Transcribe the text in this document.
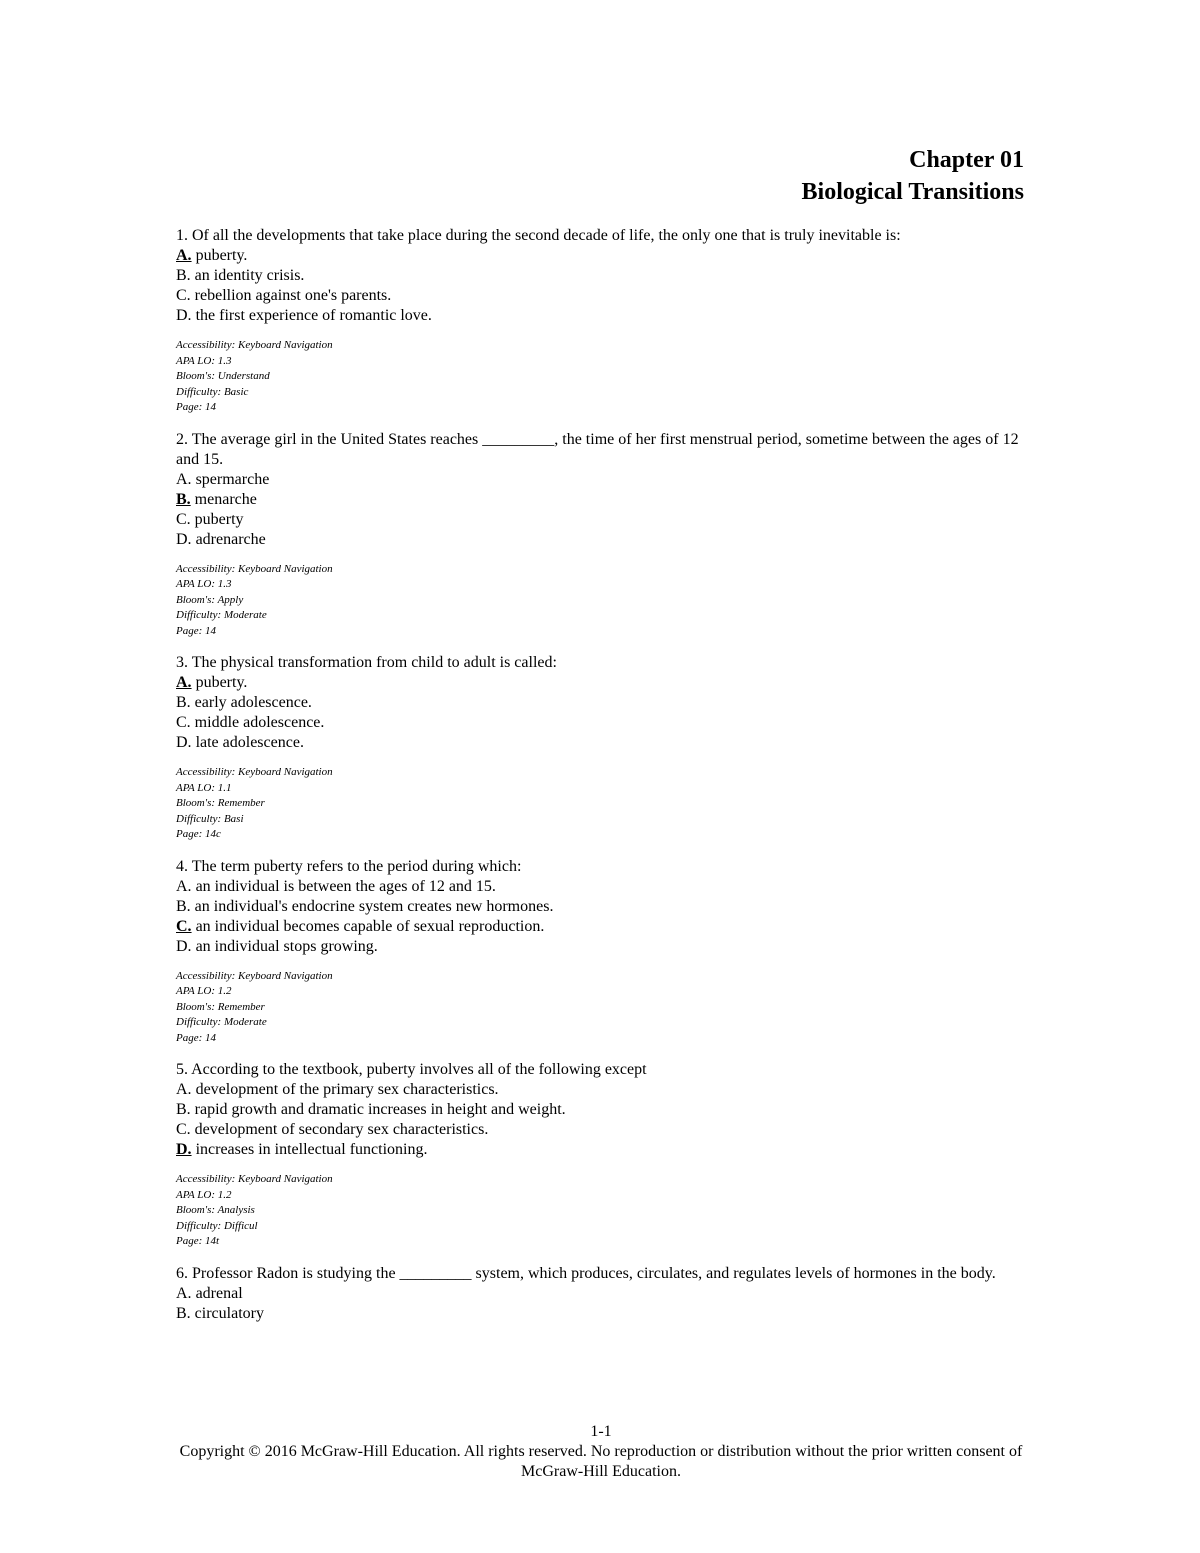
Chapter 01
Biological Transitions
1. Of all the developments that take place during the second decade of life, the only one that is truly inevitable is:
A. puberty.
B. an identity crisis.
C. rebellion against one's parents.
D. the first experience of romantic love.
Accessibility: Keyboard Navigation
APA LO: 1.3
Bloom's: Understand
Difficulty: Basic
Page: 14
2. The average girl in the United States reaches _________, the time of her first menstrual period, sometime between the ages of 12 and 15.
A. spermarche
B. menarche
C. puberty
D. adrenarche
Accessibility: Keyboard Navigation
APA LO: 1.3
Bloom's: Apply
Difficulty: Moderate
Page: 14
3. The physical transformation from child to adult is called:
A. puberty.
B. early adolescence.
C. middle adolescence.
D. late adolescence.
Accessibility: Keyboard Navigation
APA LO: 1.1
Bloom's: Remember
Difficulty: Basi
Page: 14c
4. The term puberty refers to the period during which:
A. an individual is between the ages of 12 and 15.
B. an individual's endocrine system creates new hormones.
C. an individual becomes capable of sexual reproduction.
D. an individual stops growing.
Accessibility: Keyboard Navigation
APA LO: 1.2
Bloom's: Remember
Difficulty: Moderate
Page: 14
5. According to the textbook, puberty involves all of the following except
A. development of the primary sex characteristics.
B. rapid growth and dramatic increases in height and weight.
C. development of secondary sex characteristics.
D. increases in intellectual functioning.
Accessibility: Keyboard Navigation
APA LO: 1.2
Bloom's: Analysis
Difficulty: Difficul
Page: 14t
6. Professor Radon is studying the _________ system, which produces, circulates, and regulates levels of hormones in the body.
A. adrenal
B. circulatory
1-1
Copyright © 2016 McGraw-Hill Education. All rights reserved. No reproduction or distribution without the prior written consent of McGraw-Hill Education.
